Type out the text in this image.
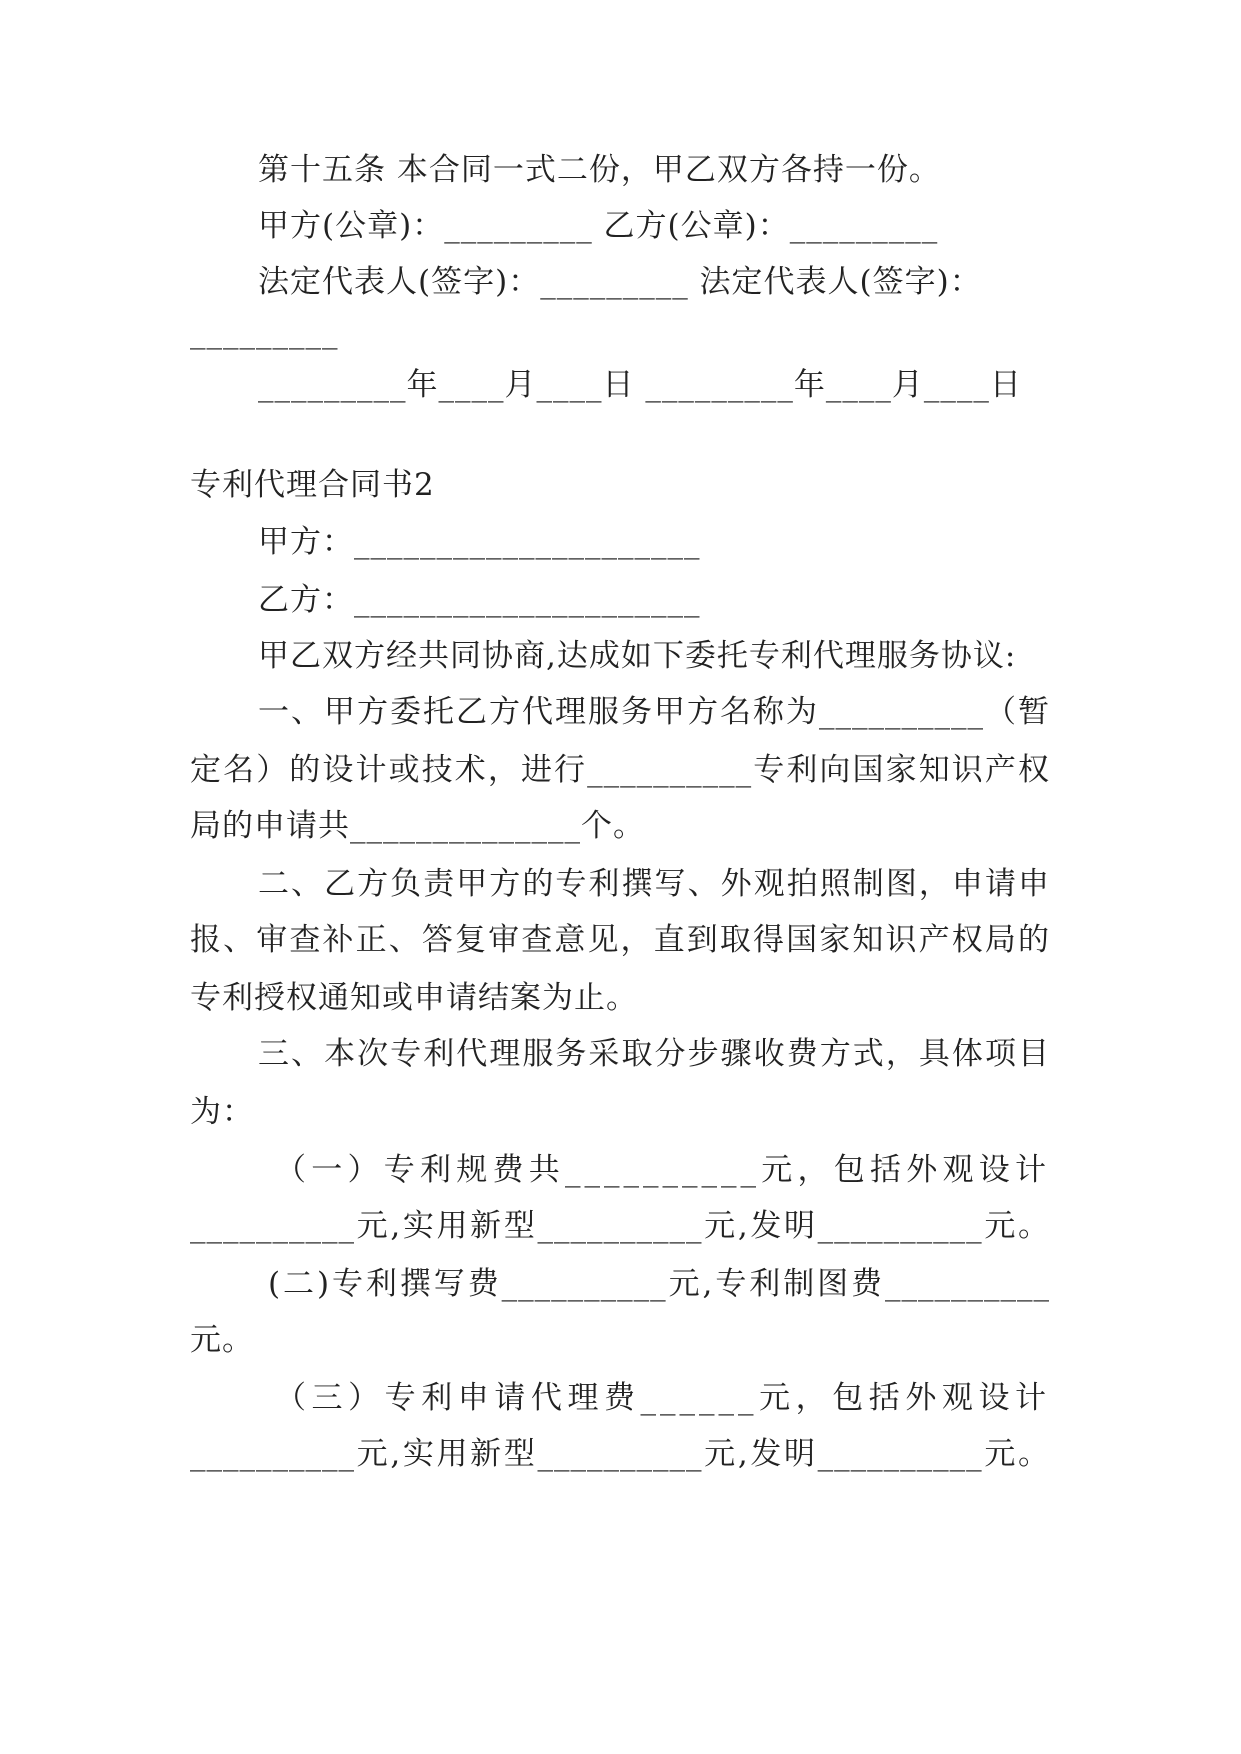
第十五条 本合同一式二份，甲乙双方各持一份。
甲方(公章)：_________ 乙方(公章)：_________
法定代表人(签字)：_________ 法定代表人(签字)：
_________
_________年____月____日 _________年____月____日
专利代理合同书2
甲方：_____________________
乙方：_____________________
甲乙双方经共同协商,达成如下委托专利代理服务协议:
一、甲方委托乙方代理服务甲方名称为__________（暂
定名）的设计或技术，进行__________专利向国家知识产权
局的申请共______________个。
二、乙方负责甲方的专利撰写、外观拍照制图，申请申
报、审查补正、答复审查意见，直到取得国家知识产权局的
专利授权通知或申请结案为止。
三、本次专利代理服务采取分步骤收费方式，具体项目
为：
（一）专利规费共__________元，包括外观设计
__________元,实用新型__________元,发明__________元。
(二)专利撰写费__________元,专利制图费__________
元。
（三）专利申请代理费______元，包括外观设计
__________元,实用新型__________元,发明__________元。
